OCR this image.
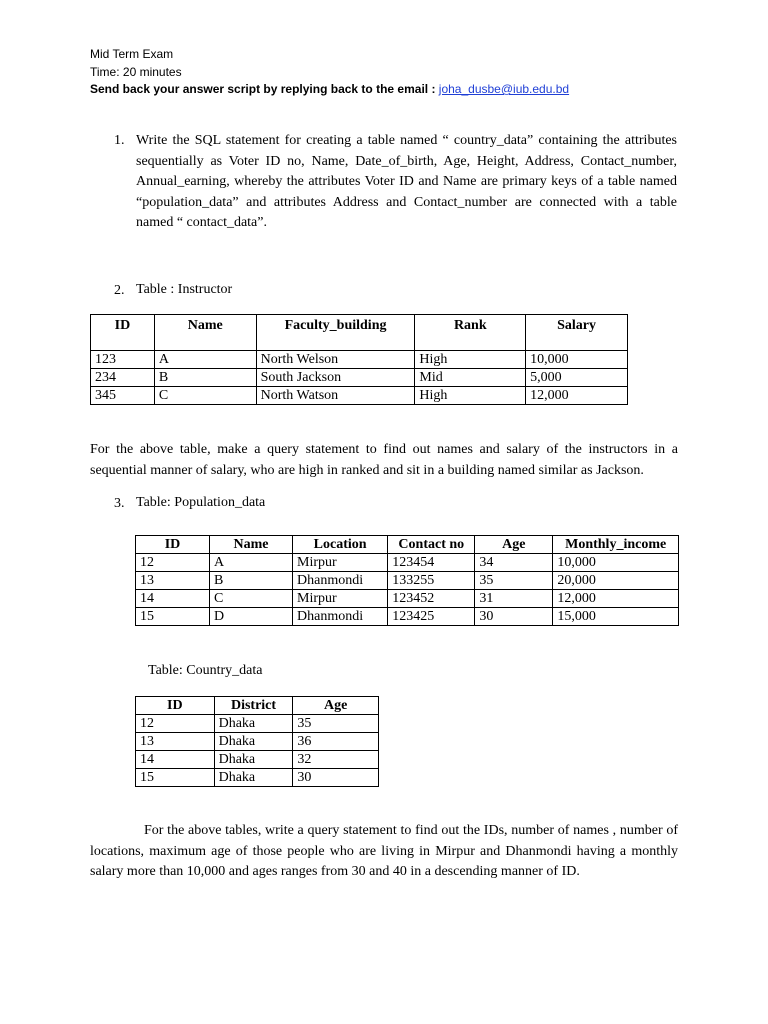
Mid Term Exam
Time: 20 minutes
Send back your answer script by replying back to the email : joha_dusbe@iub.edu.bd
1. Write the SQL statement for creating a table named “ country_data” containing the attributes sequentially as Voter ID no, Name, Date_of_birth, Age, Height, Address, Contact_number, Annual_earning, whereby the attributes Voter ID and Name are primary keys of a table named “population_data” and attributes Address and Contact_number are connected with a table named “ contact_data”.
2. Table : Instructor
ID	Name	Faculty_building	Rank	Salary
123	A	North Welson	High	10,000
234	B	South Jackson	Mid	5,000
345	C	North Watson	High	12,000
For the above table, make a query statement to find out names and salary of the instructors in a sequential manner of salary, who are high in ranked and sit in a building named similar as Jackson.
3. Table: Population_data
ID	Name	Location	Contact no	Age	Monthly_income
12	A	Mirpur	123454	34	10,000
13	B	Dhanmondi	133255	35	20,000
14	C	Mirpur	123452	31	12,000
15	D	Dhanmondi	123425	30	15,000
Table: Country_data
ID	District	Age
12	Dhaka	35
13	Dhaka	36
14	Dhaka	32
15	Dhaka	30
For the above tables, write a query statement to find out the IDs, number of names , number of locations, maximum age of those people who are living in Mirpur and Dhanmondi having a monthly salary more than 10,000 and ages ranges from 30 and 40 in a descending manner of ID.
